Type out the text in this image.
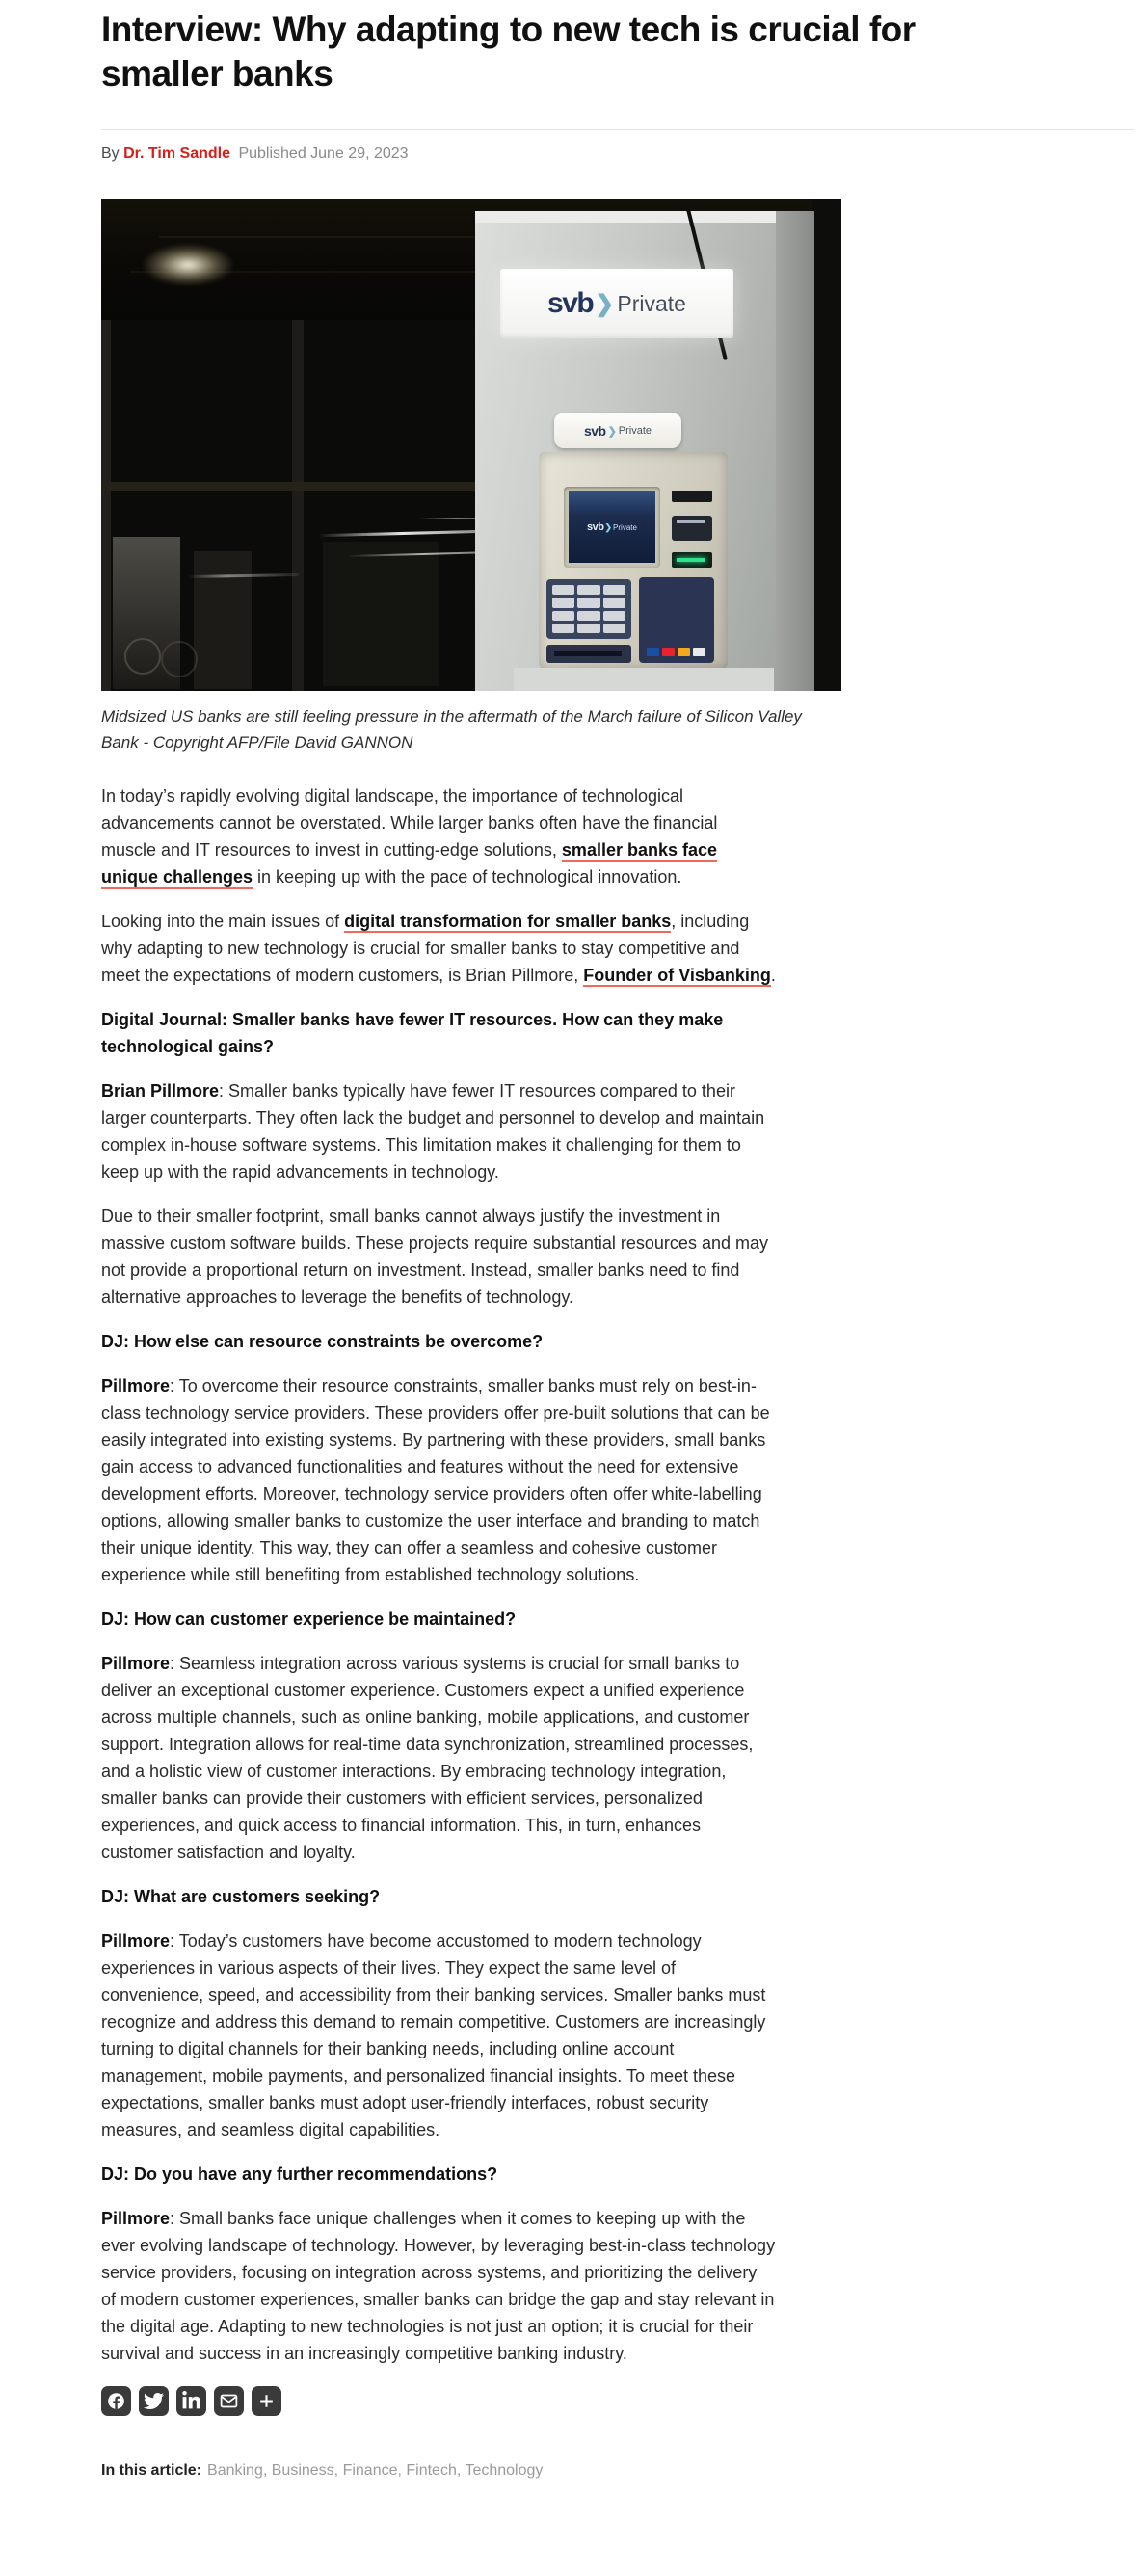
Interview: Why adapting to new tech is crucial for smaller banks
By Dr. Tim Sandle Published June 29, 2023
svb ❯ Private
svb ❯ Private
svb ❯ Private
Midsized US banks are still feeling pressure in the aftermath of the March failure of Silicon Valley Bank - Copyright AFP/File David GANNON

In today’s rapidly evolving digital landscape, the importance of technological advancements cannot be overstated. While larger banks often have the financial muscle and IT resources to invest in cutting-edge solutions, smaller banks face unique challenges in keeping up with the pace of technological innovation.

Looking into the main issues of digital transformation for smaller banks, including why adapting to new technology is crucial for smaller banks to stay competitive and meet the expectations of modern customers, is Brian Pillmore, Founder of Visbanking.

Digital Journal: Smaller banks have fewer IT resources. How can they make technological gains?

Brian Pillmore: Smaller banks typically have fewer IT resources compared to their larger counterparts. They often lack the budget and personnel to develop and maintain complex in-house software systems. This limitation makes it challenging for them to keep up with the rapid advancements in technology.

Due to their smaller footprint, small banks cannot always justify the investment in massive custom software builds. These projects require substantial resources and may not provide a proportional return on investment. Instead, smaller banks need to find alternative approaches to leverage the benefits of technology.

DJ: How else can resource constraints be overcome?

Pillmore: To overcome their resource constraints, smaller banks must rely on best-in-class technology service providers. These providers offer pre-built solutions that can be easily integrated into existing systems. By partnering with these providers, small banks gain access to advanced functionalities and features without the need for extensive development efforts. Moreover, technology service providers often offer white-labelling options, allowing smaller banks to customize the user interface and branding to match their unique identity. This way, they can offer a seamless and cohesive customer experience while still benefiting from established technology solutions.

DJ: How can customer experience be maintained?

Pillmore: Seamless integration across various systems is crucial for small banks to deliver an exceptional customer experience. Customers expect a unified experience across multiple channels, such as online banking, mobile applications, and customer support. Integration allows for real-time data synchronization, streamlined processes, and a holistic view of customer interactions. By embracing technology integration, smaller banks can provide their customers with efficient services, personalized experiences, and quick access to financial information. This, in turn, enhances customer satisfaction and loyalty.

DJ: What are customers seeking?

Pillmore: Today’s customers have become accustomed to modern technology experiences in various aspects of their lives. They expect the same level of convenience, speed, and accessibility from their banking services. Smaller banks must recognize and address this demand to remain competitive. Customers are increasingly turning to digital channels for their banking needs, including online account management, mobile payments, and personalized financial insights. To meet these expectations, smaller banks must adopt user-friendly interfaces, robust security measures, and seamless digital capabilities.

DJ: Do you have any further recommendations?

Pillmore: Small banks face unique challenges when it comes to keeping up with the ever evolving landscape of technology. However, by leveraging best-in-class technology service providers, focusing on integration across systems, and prioritizing the delivery of modern customer experiences, smaller banks can bridge the gap and stay relevant in the digital age. Adapting to new technologies is not just an option; it is crucial for their survival and success in an increasingly competitive banking industry.

In this article: Banking, Business, Finance, Fintech, Technology
